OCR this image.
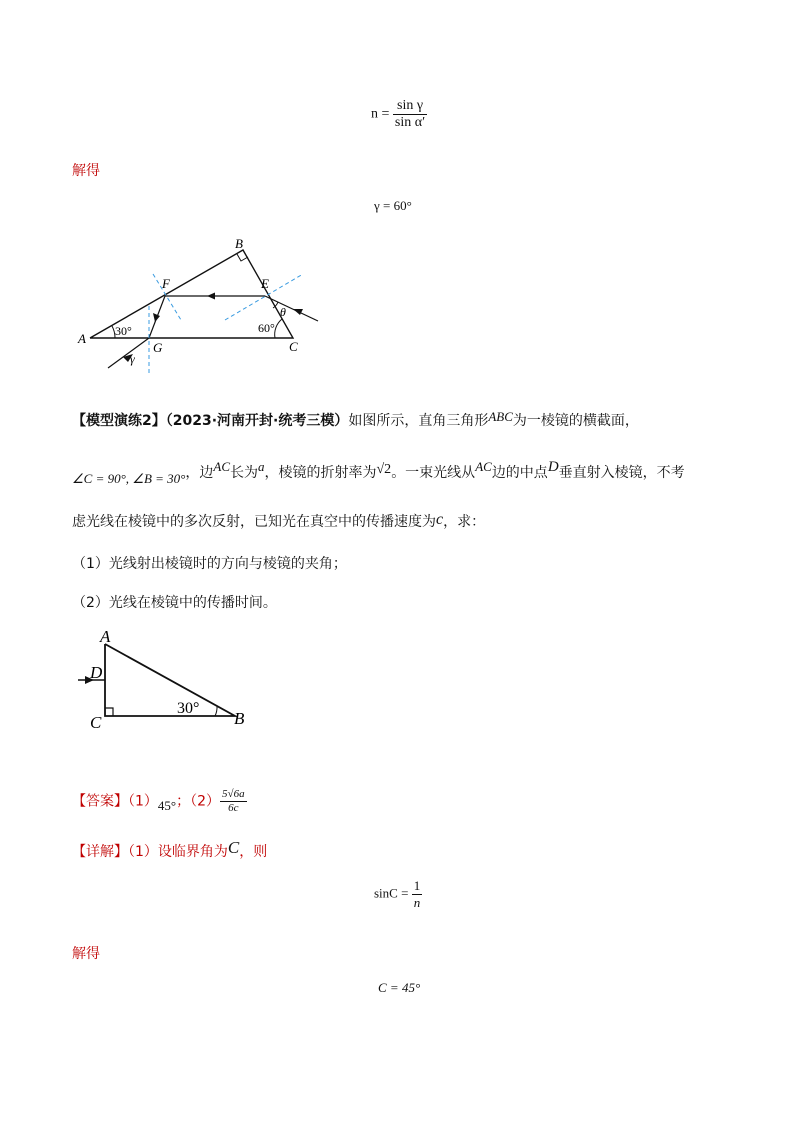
$n = \frac{\text{sin γ}}{\text{sin α′}}$
解得
γ = 60°
B
E
F
A
C
G
θ
γ
30°	60°
【模型演练2】（2023·河南开封·统考三模）如图所示，直角三角形ABC为一棱镜的横截面，
∠C = 90°, ∠B = 30°，边AC长为a，棱镜的折射率为√2。一束光线从AC边的中点D垂直射入棱镜，不考
虑光线在棱镜中的多次反射，已知光在真空中的传播速度为c，求：
（1）光线射出棱镜时的方向与棱镜的夹角；
（2）光线在棱镜中的传播时间。
A
D
C	B
30°
【答案】（1）45°；$(2) \frac{5√6a}{6c}$
【详解】（1）设临界角为C，则
$\sin C = \frac{1}{n}$
解得
C = 45°
